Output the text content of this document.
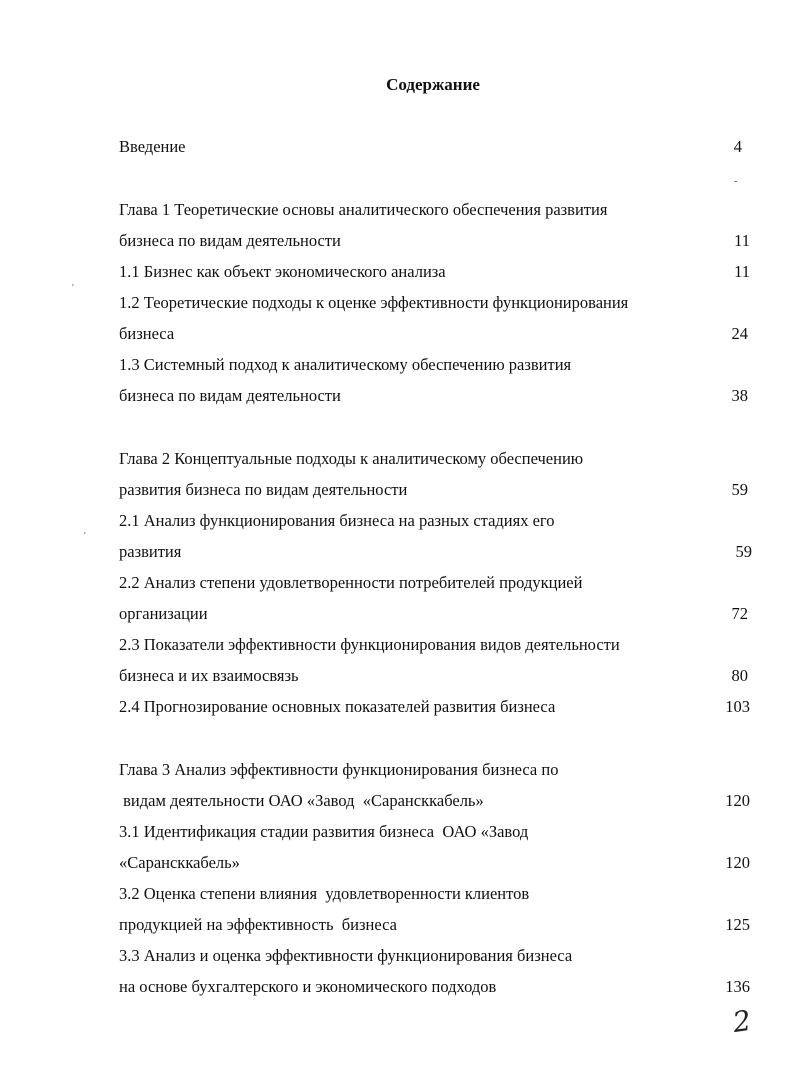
Содержание
Введение	4
-
Глава 1 Теоретические основы аналитического обеспечения развития
бизнеса по видам деятельности	11
1.1 Бизнес как объект экономического анализа	11
1.2 Теоретические подходы к оценке эффективности функционирования
бизнеса	24
1.3 Системный подход к аналитическому обеспечению развития
бизнеса по видам деятельности	38
Глава 2 Концептуальные подходы к аналитическому обеспечению
развития бизнеса по видам деятельности	59
2.1 Анализ функционирования бизнеса на разных стадиях его
развития	59
2.2 Анализ степени удовлетворенности потребителей продукцией
организации	72
2.3 Показатели эффективности функционирования видов деятельности
бизнеса и их взаимосвязь	80
2.4 Прогнозирование основных показателей развития бизнеса	103
Глава 3 Анализ эффективности функционирования бизнеса по
видам деятельности ОАО «Завод  «Сарансккабель»	120
3.1 Идентификация стадии развития бизнеса  ОАО «Завод
«Сарансккабель»	120
3.2 Оценка степени влияния  удовлетворенности клиентов
продукцией на эффективность  бизнеса	125
3.3 Анализ и оценка эффективности функционирования бизнеса
на основе бухгалтерского и экономического подходов	136
'
'
2
